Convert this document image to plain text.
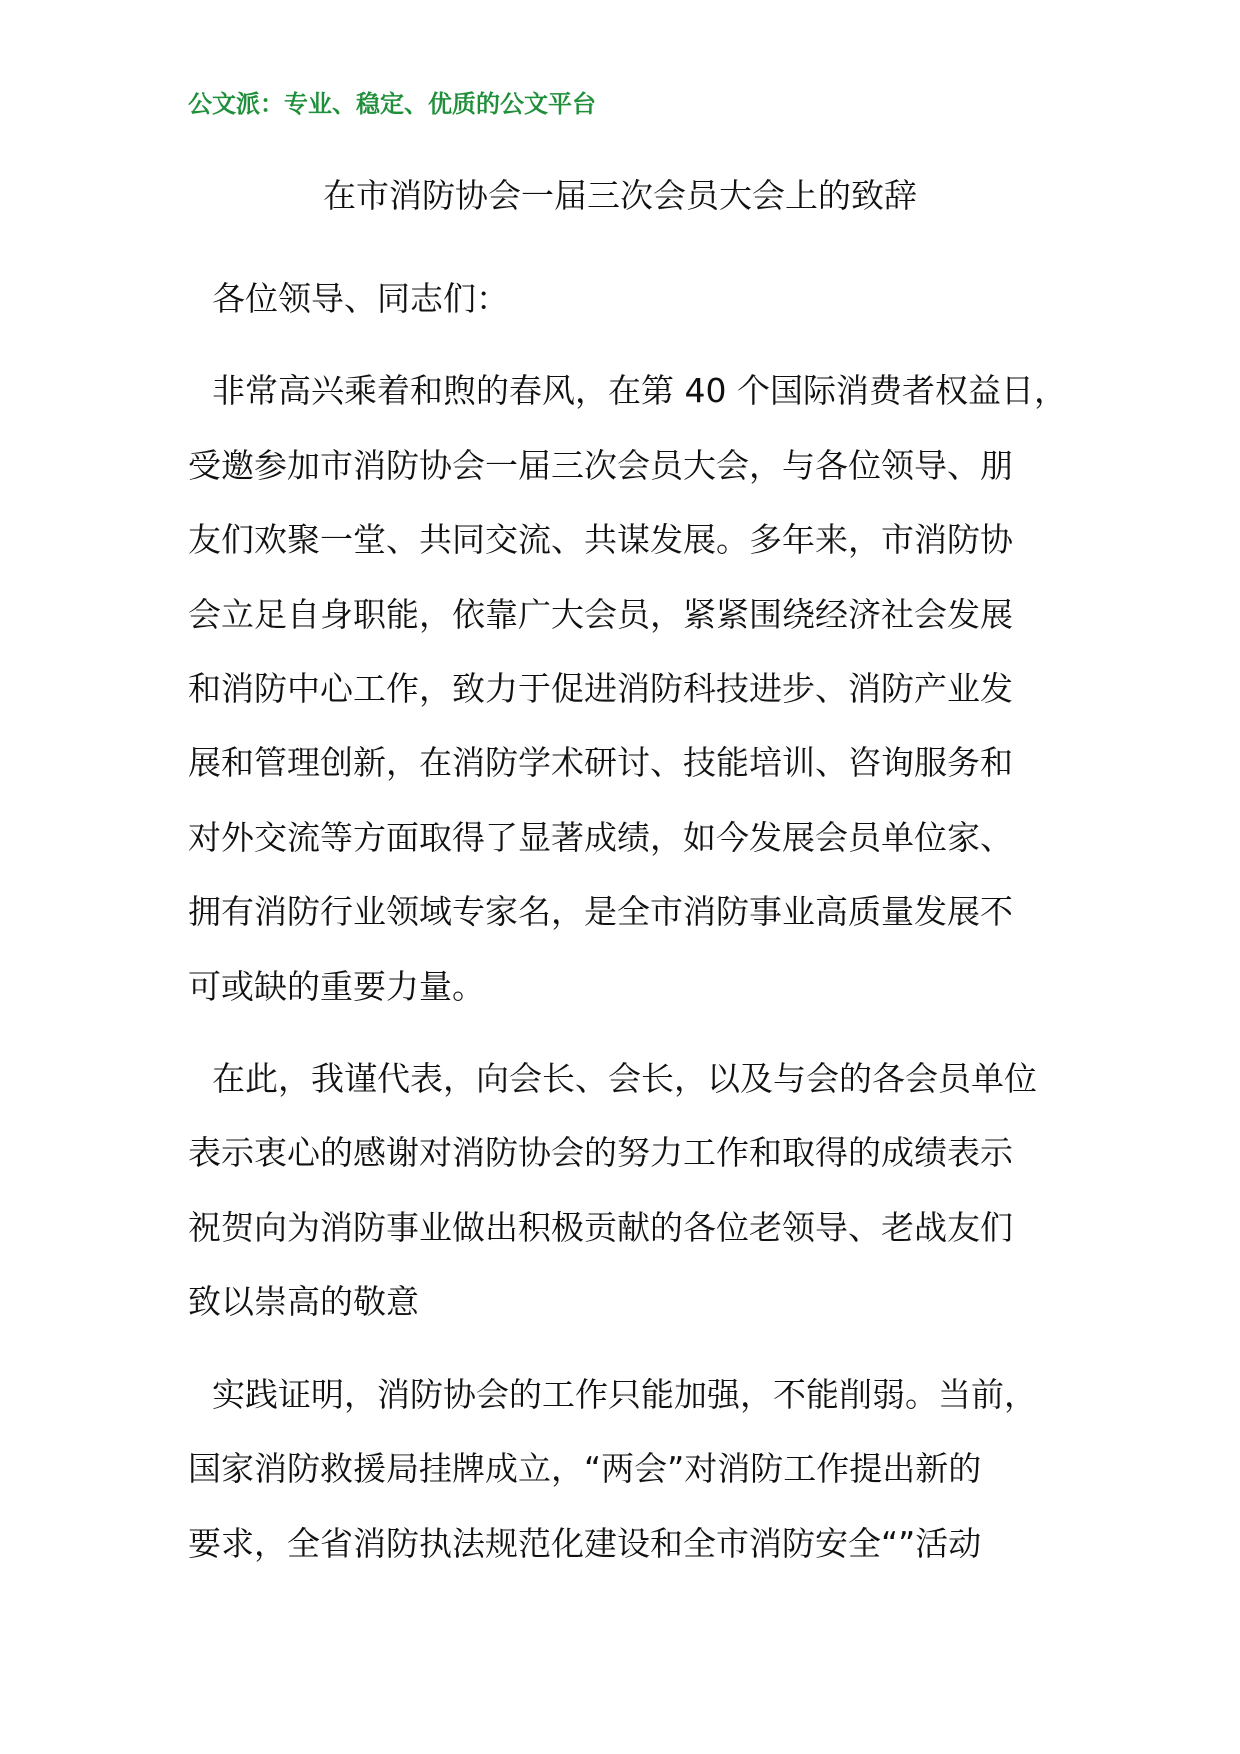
公文派：专业、稳定、优质的公文平台
在市消防协会一届三次会员大会上的致辞

各位领导、同志们：

非常高兴乘着和煦的春风，在第 40 个国际消费者权益日，
受邀参加市消防协会一届三次会员大会，与各位领导、朋
友们欢聚一堂、共同交流、共谋发展。多年来，市消防协
会立足自身职能，依靠广大会员，紧紧围绕经济社会发展
和消防中心工作，致力于促进消防科技进步、消防产业发
展和管理创新，在消防学术研讨、技能培训、咨询服务和
对外交流等方面取得了显著成绩，如今发展会员单位家、
拥有消防行业领域专家名，是全市消防事业高质量发展不
可或缺的重要力量。

在此，我谨代表，向会长、会长，以及与会的各会员单位
表示衷心的感谢对消防协会的努力工作和取得的成绩表示
祝贺向为消防事业做出积极贡献的各位老领导、老战友们
致以崇高的敬意

实践证明，消防协会的工作只能加强，不能削弱。当前，
国家消防救援局挂牌成立，“两会”对消防工作提出新的
要求，全省消防执法规范化建设和全市消防安全“”活动
